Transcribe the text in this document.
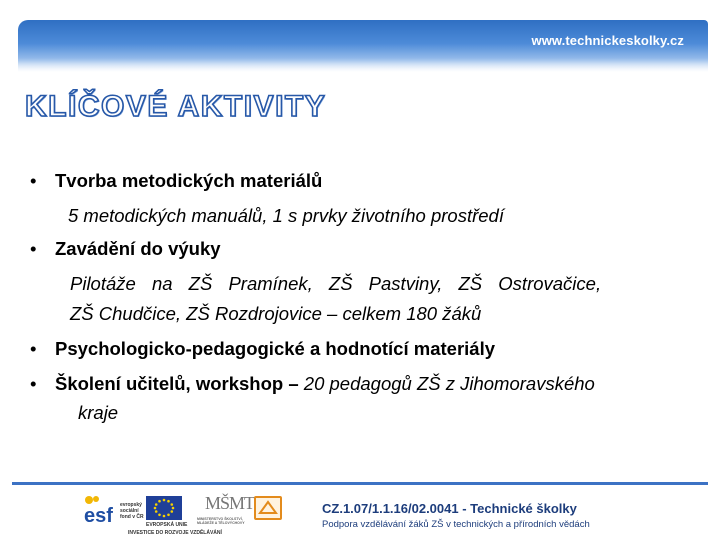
www.technickeskolky.cz
KLÍČOVÉ AKTIVITY
• Tvorba metodických materiálů
5 metodických manuálů, 1 s prvky životního prostředí
• Zavádění do výuky
Pilotáže na ZŠ Pramínek, ZŠ Pastviny, ZŠ Ostrovačice,
ZŠ Chudčice, ZŠ Rozdrojovice – celkem 180 žáků
• Psychologicko-pedagogické a hodnotící materiály
• Školení učitelů, workshop – 20 pedagogů ZŠ z Jihomoravského
kraje
esf evropský
sociální
fond v ČR
EVROPSKÁ UNIE
MŠMT
MINISTERSTVO ŠKOLSTVÍ, MLÁDEŽE A TĚLOVÝCHOVY
INVESTICE DO ROZVOJE VZDĚLÁVÁNÍ
CZ.1.07/1.1.16/02.0041 - Technické školky
Podpora vzdělávání žáků ZŠ v technických a přírodních vědách
